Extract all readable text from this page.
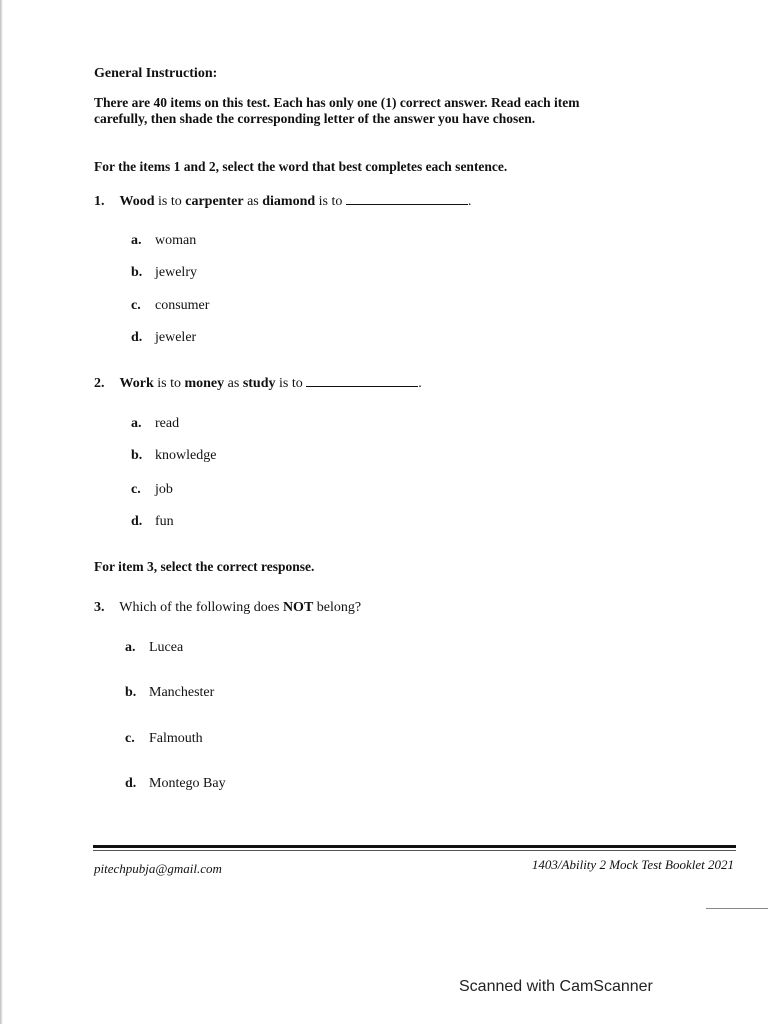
General Instruction:
There are 40 items on this test. Each has only one (1) correct answer. Read each item
carefully, then shade the corresponding letter of the answer you have chosen.
For the items 1 and 2, select the word that best completes each sentence.
1. Wood is to carpenter as diamond is to	.
a. woman
b. jewelry
c. consumer
d. jeweler
2. Work is to money as study is to	.
a. read
b. knowledge
c. job
d. fun
For item 3, select the correct response.
3. Which of the following does NOT belong?
a. Lucea
b. Manchester
c. Falmouth
d. Montego Bay
pitechpubja@gmail.com	1403/Ability 2 Mock Test Booklet 2021
Scanned with CamScanner
